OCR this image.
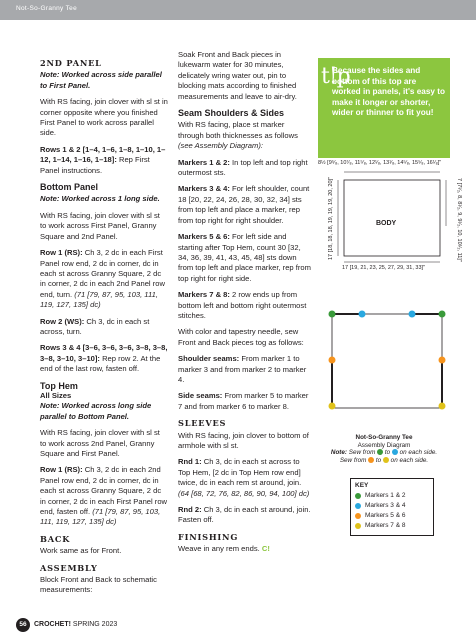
Not-So-Granny Tee
2ND PANEL

Note: Worked across side parallel to First Panel.

With RS facing, join clover with sl st in corner opposite where you finished First Panel to work across parallel side.

Rows 1 & 2 [1–4, 1–6, 1–8, 1–10, 1–12, 1–14, 1–16, 1–18]: Rep First Panel instructions.

Bottom Panel

Note: Worked across 1 long side.

With RS facing, join clover with sl st to work across First Panel, Granny Square and 2nd Panel.

Row 1 (RS): Ch 3, 2 dc in each First Panel row end, 2 dc in corner, dc in each st across Granny Square, 2 dc in corner, 2 dc in each 2nd Panel row end, turn. (71 [79, 87, 95, 103, 111, 119, 127, 135] dc)

Row 2 (WS): Ch 3, dc in each st across, turn.

Rows 3 & 4 [3–6, 3–6, 3–6, 3–8, 3–8, 3–8, 3–10, 3–10]: Rep row 2. At the end of the last row, fasten off.

Top Hem
All Sizes

Note: Worked across long side parallel to Bottom Panel.

With RS facing, join clover with sl st to work across 2nd Panel, Granny Square and First Panel.

Row 1 (RS): Ch 3, 2 dc in each 2nd Panel row end, 2 dc in corner, dc in each st across Granny Square, 2 dc in corner, 2 dc in each First Panel row end, fasten off. (71 [79, 87, 95, 103, 111, 119, 127, 135] dc)

BACK

Work same as for Front.

ASSEMBLY

Block Front and Back to schematic measurements:

Soak Front and Back pieces in lukewarm water for 30 minutes, delicately wring water out, pin to blocking mats according to finished measurements and leave to air-dry.

Seam Shoulders & Sides

With RS facing, place st marker through both thicknesses as follows (see Assembly Diagram):

Markers 1 & 2: In top left and top right outermost sts.

Markers 3 & 4: For left shoulder, count 18 [20, 22, 24, 26, 28, 30, 32, 34] sts from top left and place a marker, rep from top right for right shoulder.

Markers 5 & 6: For left side and starting after Top Hem, count 30 [32, 34, 36, 39, 41, 43, 45, 48] sts down from top left and place marker, rep from top right for right side.

Markers 7 & 8: 2 row ends up from bottom left and bottom right outermost stitches.

With color and tapestry needle, sew Front and Back pieces tog as follows:

Shoulder seams: From marker 1 to marker 3 and from marker 2 to marker 4.

Side seams: From marker 5 to marker 7 and from marker 6 to marker 8.

SLEEVES

With RS facing, join clover to bottom of armhole with sl st.

Rnd 1: Ch 3, dc in each st across to Top Hem, [2 dc in Top Hem row end] twice, dc in each rem st around, join. (64 [68, 72, 76, 82, 86, 90, 94, 100] dc)

Rnd 2: Ch 3, dc in each st around, join. Fasten off.

FINISHING

Weave in any rem ends. C!

t!p
Because the sides and bottom of this top are worked in panels, it's easy to make it longer or shorter, wider or thinner to fit you!
8½ [9⁵⁄₈, 10⁷⁄₈, 11⁵⁄₈, 12¹⁄₈, 13¹⁄₈, 14⁵⁄₈, 15⁵⁄₈, 16¹⁄₈]"
17 [18, 18, 18, 19, 19, 19, 20, 20]"	7 [7¹⁄₂, 8, 8¹⁄₂, 9, 9¹⁄₂, 10, 10¹⁄₂, 11]"
17 [19, 21, 23, 25, 27, 29, 31, 33]"
BODY
Not-So-Granny Tee
Assembly Diagram
Note: Sew from  to  on each side.
Sew from  to  on each side.
KEY
Markers 1 & 2
Markers 3 & 4
Markers 5 & 6
Markers 7 & 8
56	CROCHET! SPRING 2023
